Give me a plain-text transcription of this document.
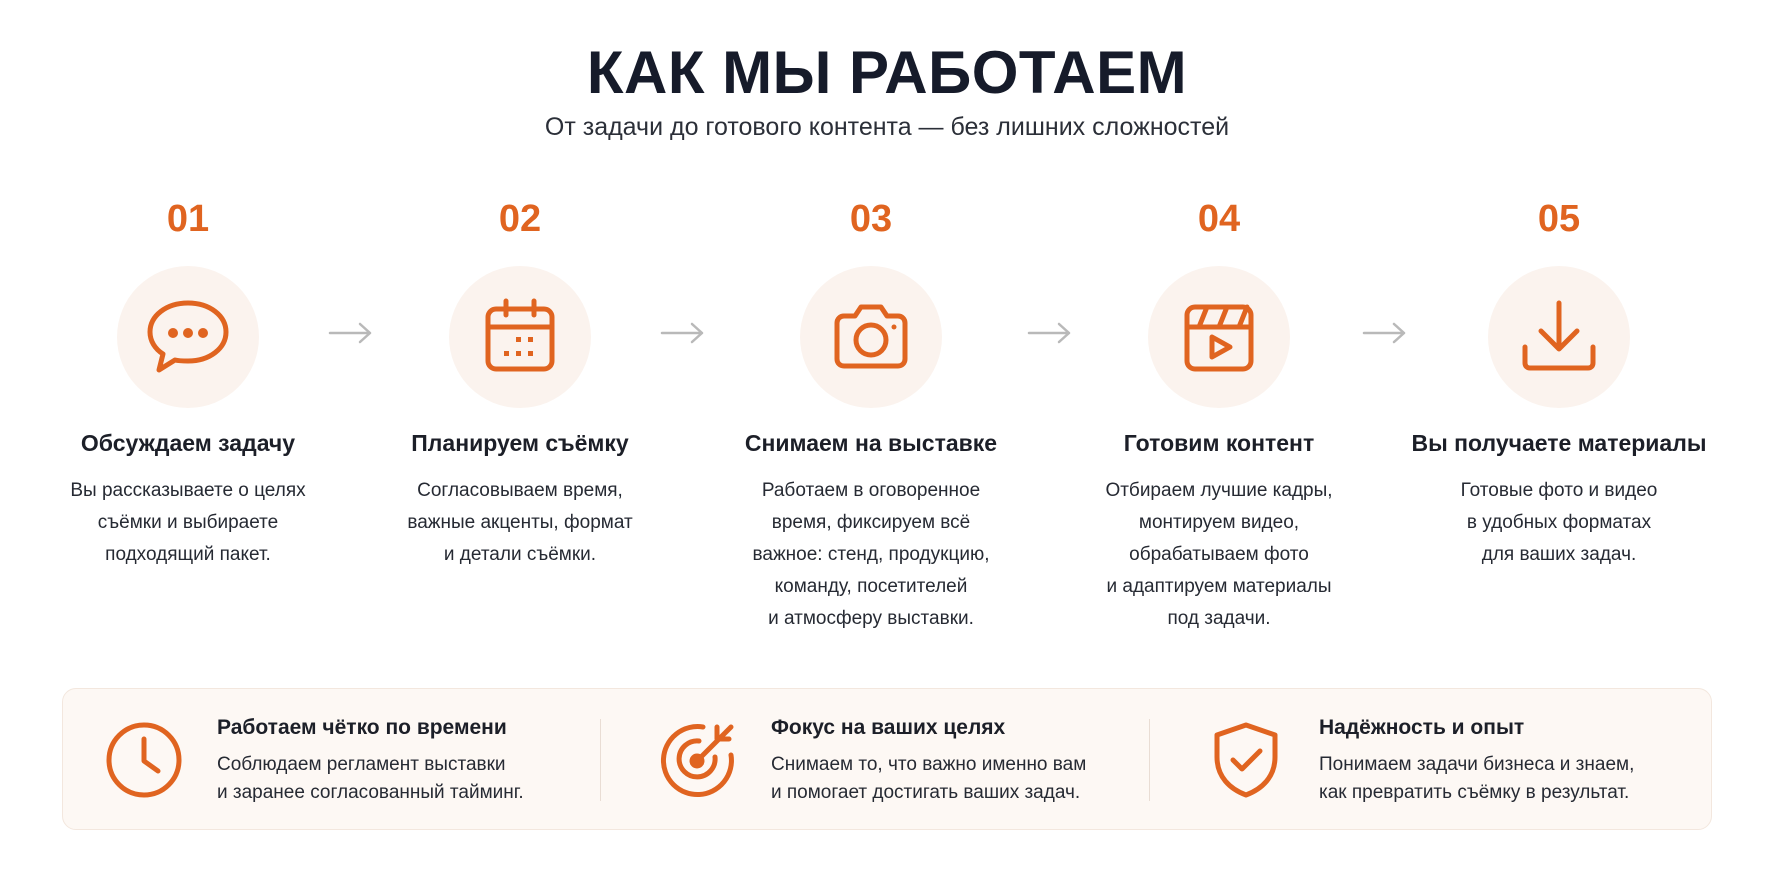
КАК МЫ РАБОТАЕМ

От задачи до готового контента — без лишних сложностей

01
Обсуждаем задачу
Вы рассказываете о целях
съёмки и выбираете
подходящий пакет.
02
Планируем съёмку
Согласовываем время,
важные акценты, формат
и детали съёмки.
03
Снимаем на выставке
Работаем в оговоренное
время, фиксируем всё
важное: стенд, продукцию,
команду, посетителей
и атмосферу выставки.
04
Готовим контент
Отбираем лучшие кадры,
монтируем видео,
обрабатываем фото
и адаптируем материалы
под задачи.
05
Вы получаете материалы
Готовые фото и видео
в удобных форматах
для ваших задач.
Работаем чётко по времени
Соблюдаем регламент выставки
и заранее согласованный тайминг.
Фокус на ваших целях
Снимаем то, что важно именно вам
и помогает достигать ваших задач.
Надёжность и опыт
Понимаем задачи бизнеса и знаем,
как превратить съёмку в результат.
